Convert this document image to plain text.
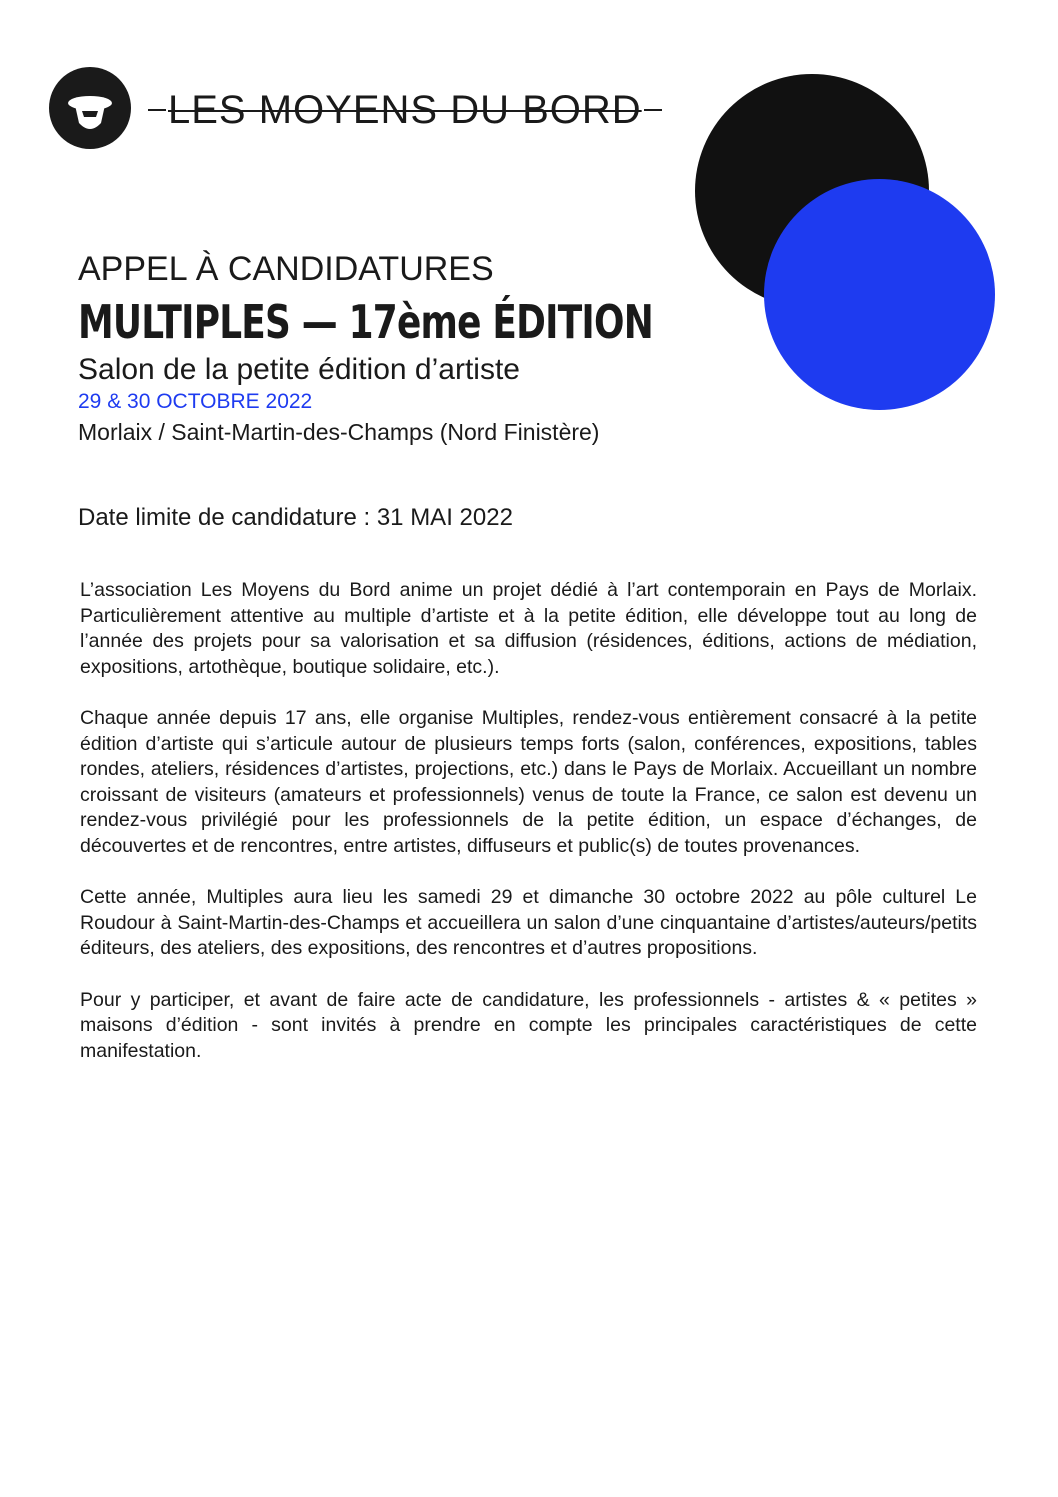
LES MOYENS DU BORD

APPEL À CANDIDATURES

MULTIPLES — 17ème ÉDITION

Salon de la petite édition d’artiste

29 & 30 OCTOBRE 2022

Morlaix / Saint-Martin-des-Champs (Nord Finistère)

Date limite de candidature : 31 MAI 2022

L’association Les Moyens du Bord anime un projet dédié à l’art contemporain en Pays de Morlaix. Particulièrement attentive au multiple d’artiste et à la petite édition, elle développe tout au long de l’année des projets pour sa valorisation et sa diffusion (résidences, éditions, actions de médiation, expositions, artothèque, boutique solidaire, etc.).

Chaque année depuis 17 ans, elle organise Multiples, rendez-vous entièrement consacré à la petite édition d’artiste qui s’articule autour de plusieurs temps forts (salon, conférences, expositions, tables rondes, ateliers, résidences d’artistes, projections, etc.) dans le Pays de Morlaix. Accueillant un nombre croissant de visiteurs (amateurs et professionnels) venus de toute la France, ce salon est devenu un rendez-vous privilégié pour les professionnels de la petite édition, un espace d’échanges, de découvertes et de rencontres, entre artistes, diffuseurs et public(s) de toutes provenances.

Cette année, Multiples aura lieu les samedi 29 et dimanche 30 octobre 2022 au pôle culturel Le Roudour à Saint-Martin-des-Champs et accueillera un salon d’une cinquantaine d’artistes/auteurs/petits éditeurs, des ateliers, des expositions, des rencontres et d’autres propositions.

Pour y participer, et avant de faire acte de candidature, les professionnels - artistes & « petites » maisons d’édition - sont invités à prendre en compte les principales caractéristiques de cette manifestation.
